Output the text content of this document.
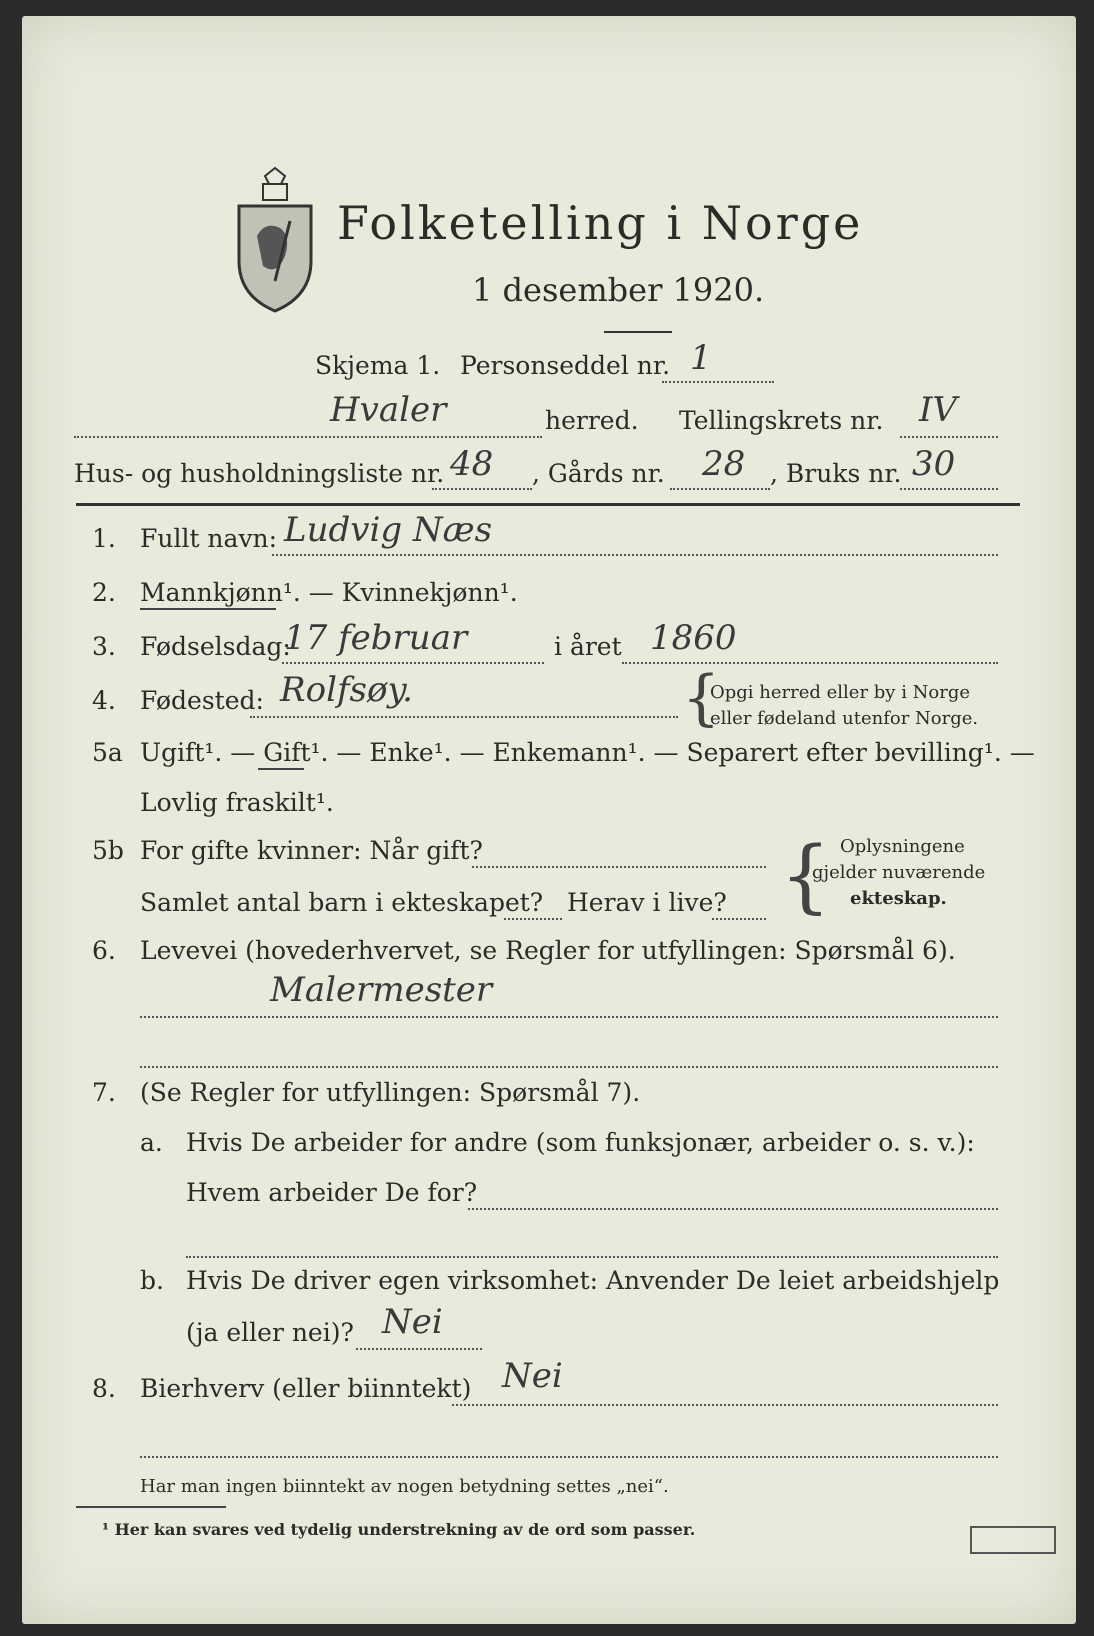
Folketelling i Norge
1 desember 1920.
Skjema 1. Personseddel nr. 1
Hvaler	herred. Tellingskrets nr. IV
Hus- og husholdningsliste nr. 48 , Gårds nr. 28 , Bruks nr. 30
1. Fullt navn: Ludvig Næs
2. Mannkjønn¹. — Kvinnekjønn¹.
3. Fødselsdag:
17 februar	i året 1860
4. Fødested: Rolfsøy.	{
Opgi herred eller by i Norge
eller fødeland utenfor Norge.
5a Ugift¹. — Gift¹. — Enke¹. — Enkemann¹. — Separert efter bevilling¹. —
Lovlig fraskilt¹.
5b For gifte kvinner: Når gift?
Samlet antal barn i ekteskapet? Herav i live? { Oplysningene
gjelder nuværende
ekteskap.
6. Levevei (hovederhvervet, se Regler for utfyllingen: Spørsmål 6).
Malermester
7. (Se Regler for utfyllingen: Spørsmål 7).
a. Hvis De arbeider for andre (som funksjonær, arbeider o. s. v.):
Hvem arbeider De for?
b. Hvis De driver egen virksomhet: Anvender De leiet arbeidshjelp
(ja eller nei)? Nei
8. Bierhverv (eller biinntekt) Nei
Har man ingen biinntekt av nogen betydning settes „nei“.
¹ Her kan svares ved tydelig understrekning av de ord som passer.
